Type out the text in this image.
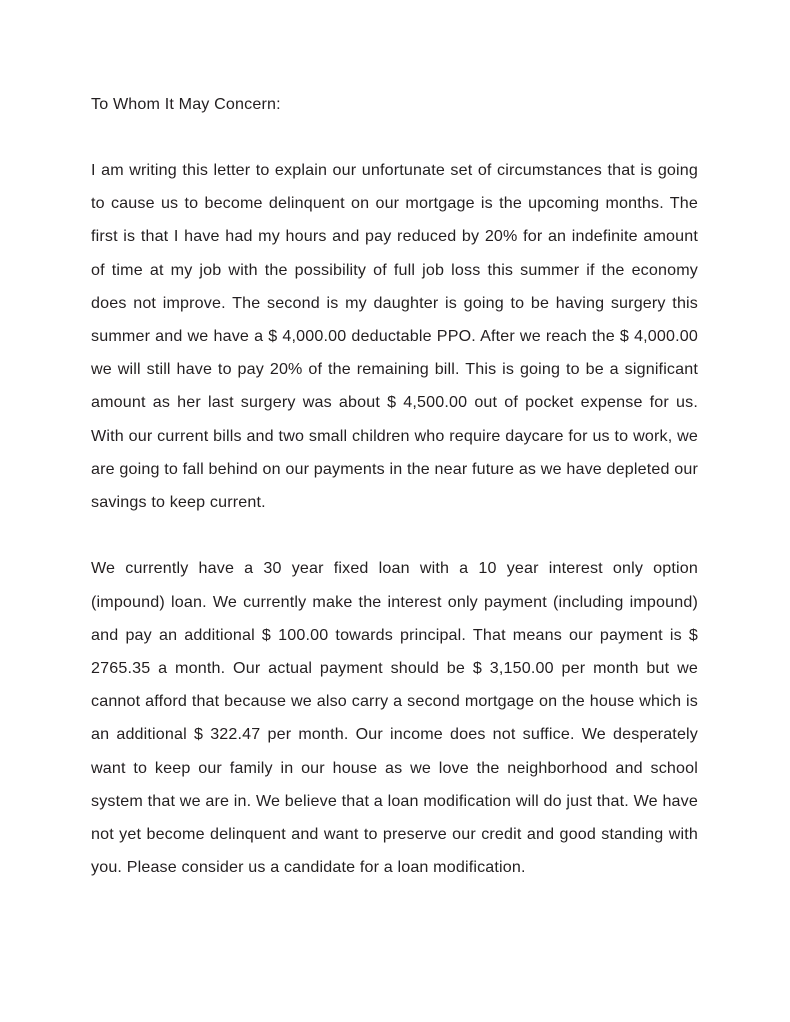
To Whom It May Concern:

I am writing this letter to explain our unfortunate set of circumstances that is going to cause us to become delinquent on our mortgage is the upcoming months. The first is that I have had my hours and pay reduced by 20% for an indefinite amount of time at my job with the possibility of full job loss this summer if the economy does not improve. The second is my daughter is going to be having surgery this summer and we have a $ 4,000.00 deductable PPO. After we reach the $ 4,000.00 we will still have to pay 20% of the remaining bill. This is going to be a significant amount as her last surgery was about $ 4,500.00 out of pocket expense for us. With our current bills and two small children who require daycare for us to work, we are going to fall behind on our payments in the near future as we have depleted our savings to keep current.

We currently have a 30 year fixed loan with a 10 year interest only option (impound) loan. We currently make the interest only payment (including impound) and pay an additional $ 100.00 towards principal. That means our payment is $ 2765.35 a month. Our actual payment should be $ 3,150.00 per month but we cannot afford that because we also carry a second mortgage on the house which is an additional $ 322.47 per month. Our income does not suffice. We desperately want to keep our family in our house as we love the neighborhood and school system that we are in. We believe that a loan modification will do just that. We have not yet become delinquent and want to preserve our credit and good standing with you. Please consider us a candidate for a loan modification.
